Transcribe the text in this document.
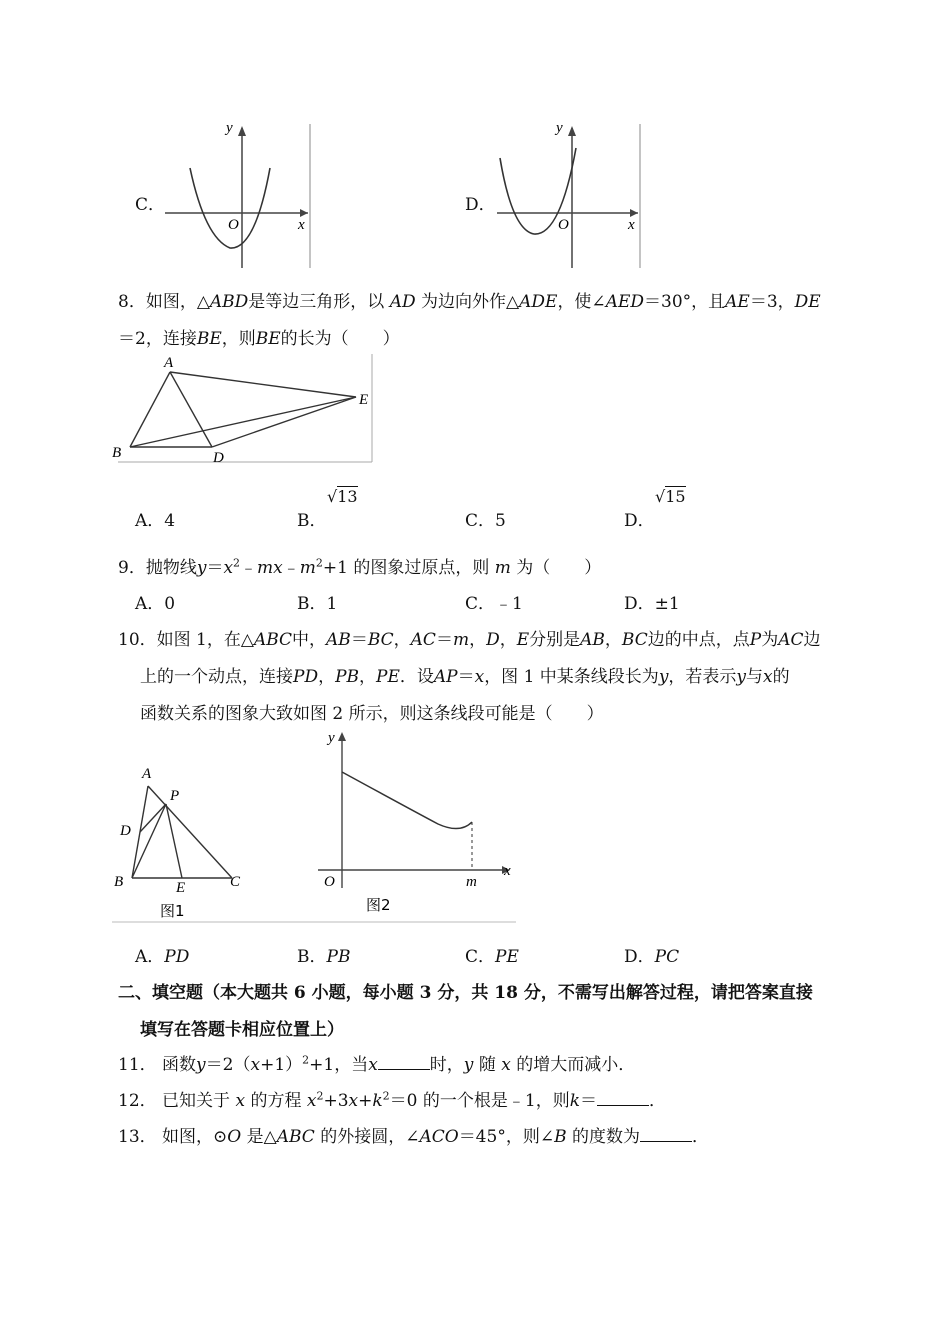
C．
y
x
O
D．
y
x
O
8．如图，△ABD是等边三角形，以 AD 为边向外作△ADE，使∠AED＝30°，且AE＝3，DE
＝2，连接BE，则BE的长为（　　）
A
B	D
E
A．4	B．
√13
C．5	D．
√15
9．抛物线$y=x^2﹣mx﹣m^2+1$ 的图象过原点，则 m 为（　　）
A．0	B．1	C．﹣1	D．±1
10．如图 1，在△ABC中，AB＝BC，AC＝m，D，E分别是AB，BC边的中点，点P为AC边
上的一个动点，连接PD，PB，PE．设AP＝x，图 1 中某条线段长为y，若表示y与x的
函数关系的图象大致如图 2 所示，则这条线段可能是（　　）
A
P
D
B	E	C
图1
y
x
O	m
图2
A．PD	B．PB	C．PE	D．PC
二、填空题（本大题共 6 小题，每小题 3 分，共 18 分，不需写出解答过程，请把答案直接
填写在答题卡相应位置上）
11． 函数$y=2(x+1)^2+1$，当x	时，y 随 x 的增大而减小．
12． 已知关于 x 的方程 $x^2+3x+k^2=0$ 的一个根是﹣1，则k＝	．
13． 如图，⊙O 是△ABC 的外接圆，∠ACO＝45°，则∠B 的度数为	．
